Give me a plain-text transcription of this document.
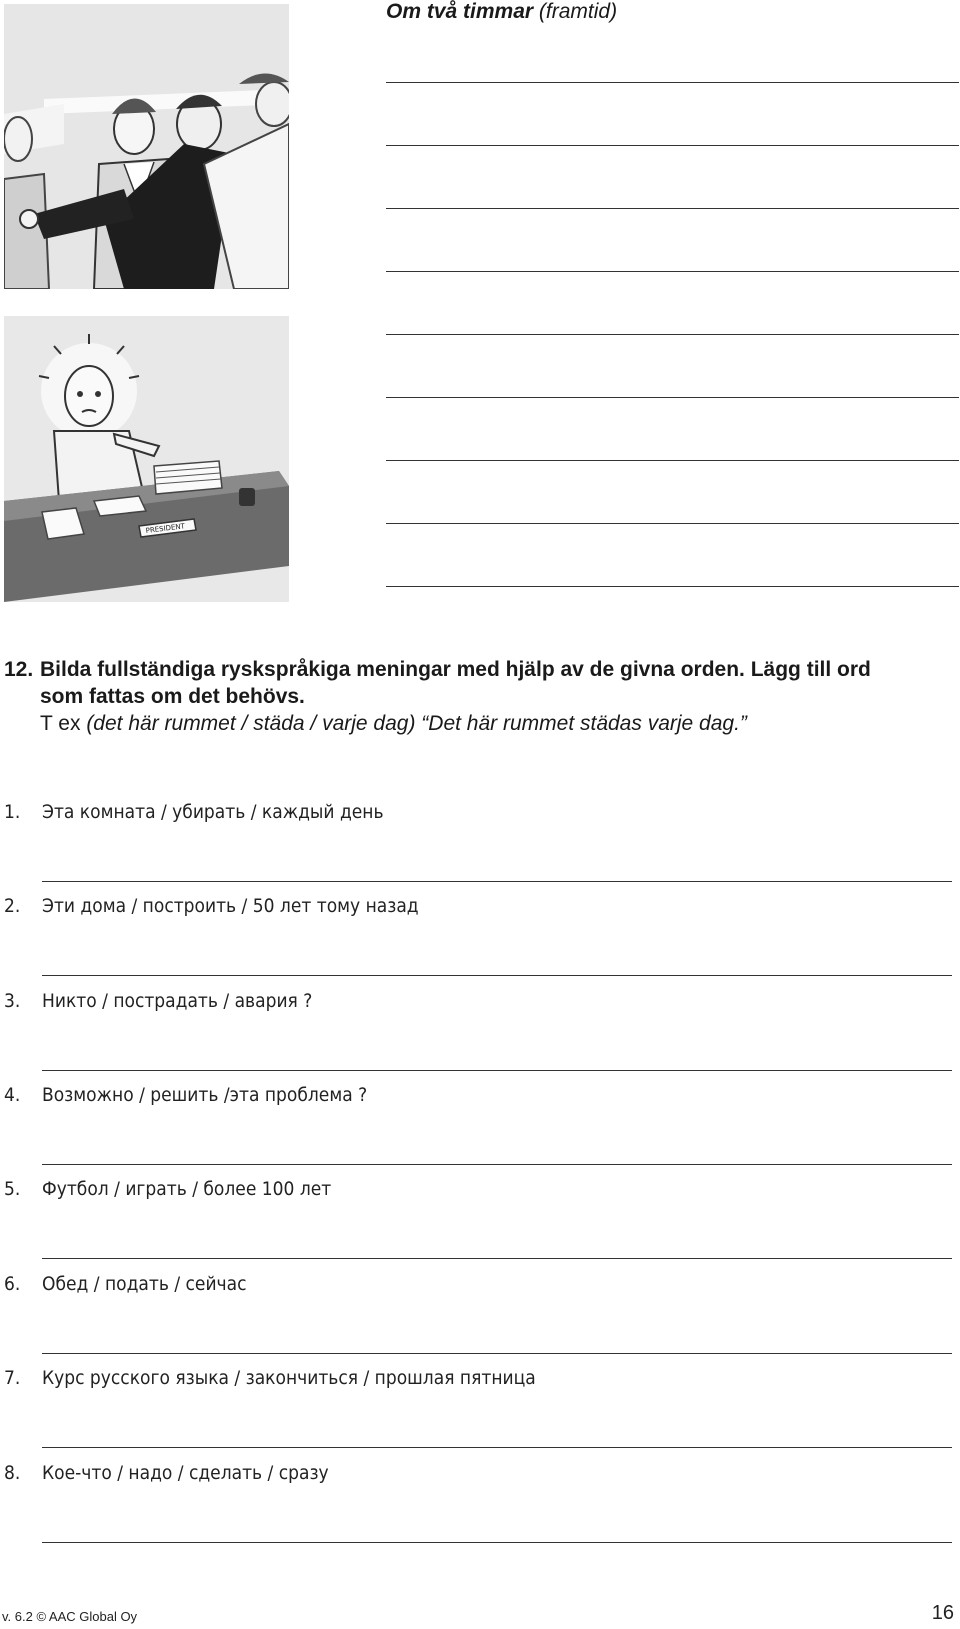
PRESIDENT
Om två timmar (framtid)
12. Bilda fullständiga ryskspråkiga meningar med hjälp av de givna orden. Lägg till ord
som fattas om det behövs.
T ex (det här rummet / städa / varje dag) “Det här rummet städas varje dag.”
1. Эта комната / убирать / каждый день
2. Эти дома / построить / 50 лет тому назад
3. Никто / пострадать / авария ?
4. Возможно / решить /эта проблема ?
5. Футбол / играть / более 100 лет
6. Обед / подать / сейчас
7. Курс русского языка / закончиться / прошлая пятница
8. Кое-что / надо / сделать / сразу
v. 6.2 © AAC Global Oy	16
